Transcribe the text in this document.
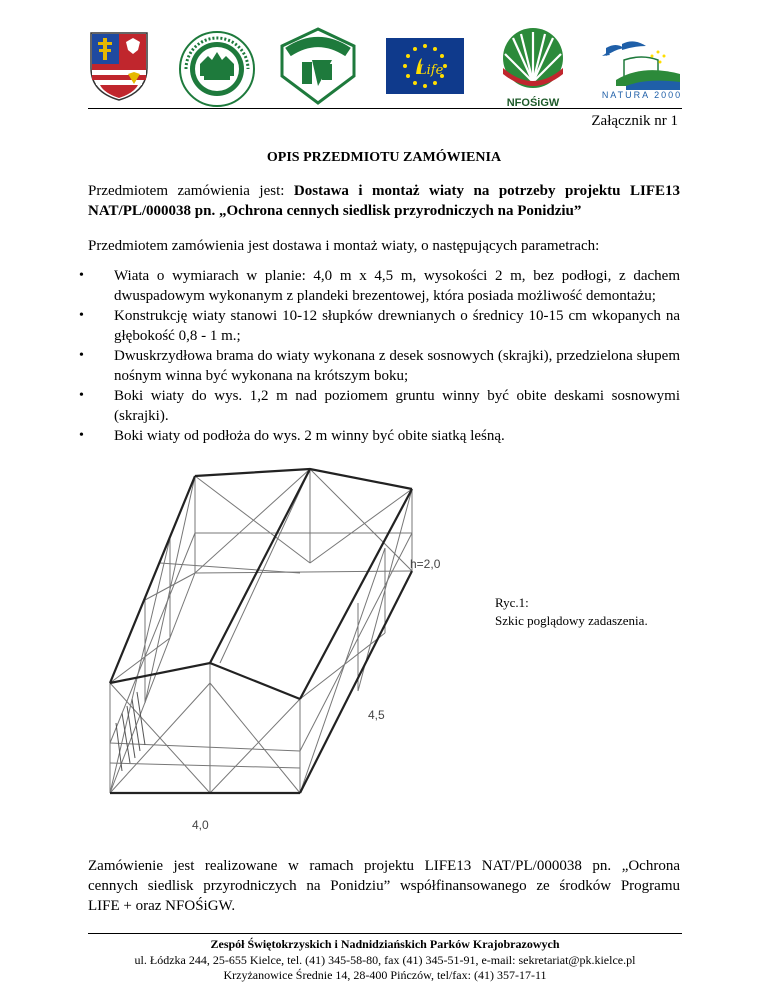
Life
NFOŚiGW
NATURA 2000
Załącznik nr 1
OPIS PRZEDMIOTU ZAMÓWIENIA
Przedmiotem zamówienia jest: Dostawa i montaż wiaty na potrzeby projektu LIFE13
NAT/PL/000038 pn. „Ochrona cennych siedlisk przyrodniczych na Ponidziu”
Przedmiotem zamówienia jest dostawa i montaż wiaty, o następujących parametrach:
• Wiata o wymiarach w planie: 4,0 m x 4,5 m, wysokości 2 m, bez podłogi, z dachem dwuspadowym wykonanym z plandeki brezentowej, która posiada możliwość demontażu;
• Konstrukcję wiaty stanowi 10-12 słupków drewnianych o średnicy 10-15 cm wkopanych na głębokość 0,8 - 1 m.;
• Dwuskrzydłowa brama do wiaty wykonana z desek sosnowych (skrajki), przedzielona słupem nośnym winna być wykonana na krótszym boku;
• Boki wiaty do wys. 1,2 m nad poziomem gruntu winny być obite deskami sosnowymi (skrajki).
• Boki wiaty od podłoża do wys. 2 m winny być obite siatką leśną.
h=2,0
4,5
4,0
Ryc.1:
Szkic poglądowy zadaszenia.
Zamówienie jest realizowane w ramach projektu LIFE13 NAT/PL/000038 pn. „Ochrona
cennych siedlisk przyrodniczych na Ponidziu” współfinansowanego ze środków Programu
LIFE + oraz NFOŚiGW.
Zespół Świętokrzyskich i Nadnidziańskich Parków Krajobrazowych
ul. Łódzka 244, 25-655 Kielce, tel. (41) 345-58-80, fax (41) 345-51-91, e-mail: sekretariat@pk.kielce.pl
Krzyżanowice Średnie 14, 28-400 Pińczów, tel/fax: (41) 357-17-11
